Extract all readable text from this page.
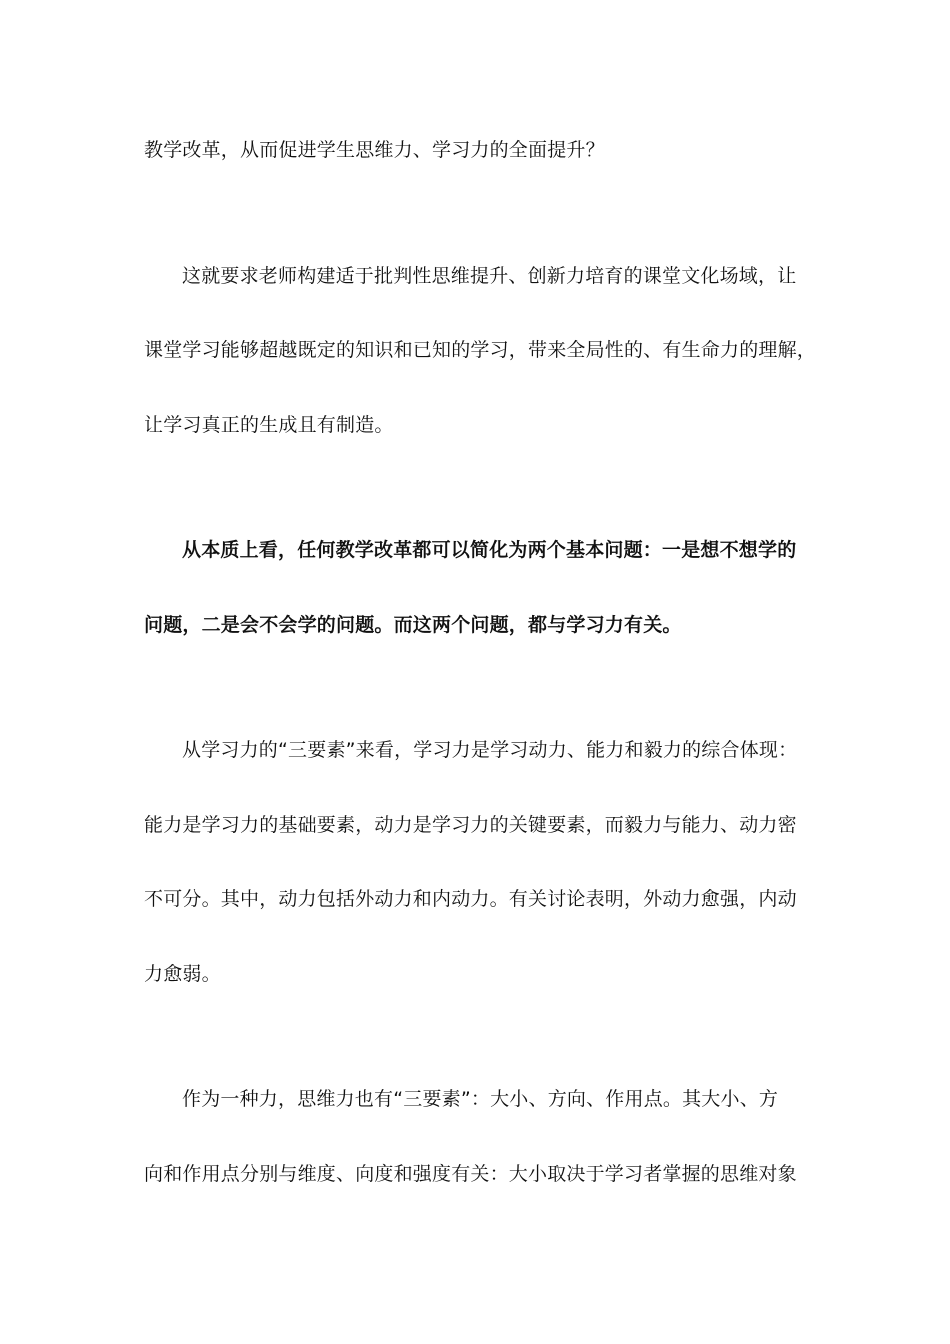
教学改革，从而促进学生思维力、学习力的全面提升？
这就要求老师构建适于批判性思维提升、创新力培育的课堂文化场域，让
课堂学习能够超越既定的知识和已知的学习，带来全局性的、有生命力的理解，
让学习真正的生成且有制造。
从本质上看，任何教学改革都可以简化为两个基本问题：一是想不想学的
问题，二是会不会学的问题。而这两个问题，都与学习力有关。
从学习力的“三要素”来看，学习力是学习动力、能力和毅力的综合体现：
能力是学习力的基础要素，动力是学习力的关键要素，而毅力与能力、动力密
不可分。其中，动力包括外动力和内动力。有关讨论表明，外动力愈强，内动
力愈弱。
作为一种力，思维力也有“三要素”：大小、方向、作用点。其大小、方
向和作用点分别与维度、向度和强度有关：大小取决于学习者掌握的思维对象
